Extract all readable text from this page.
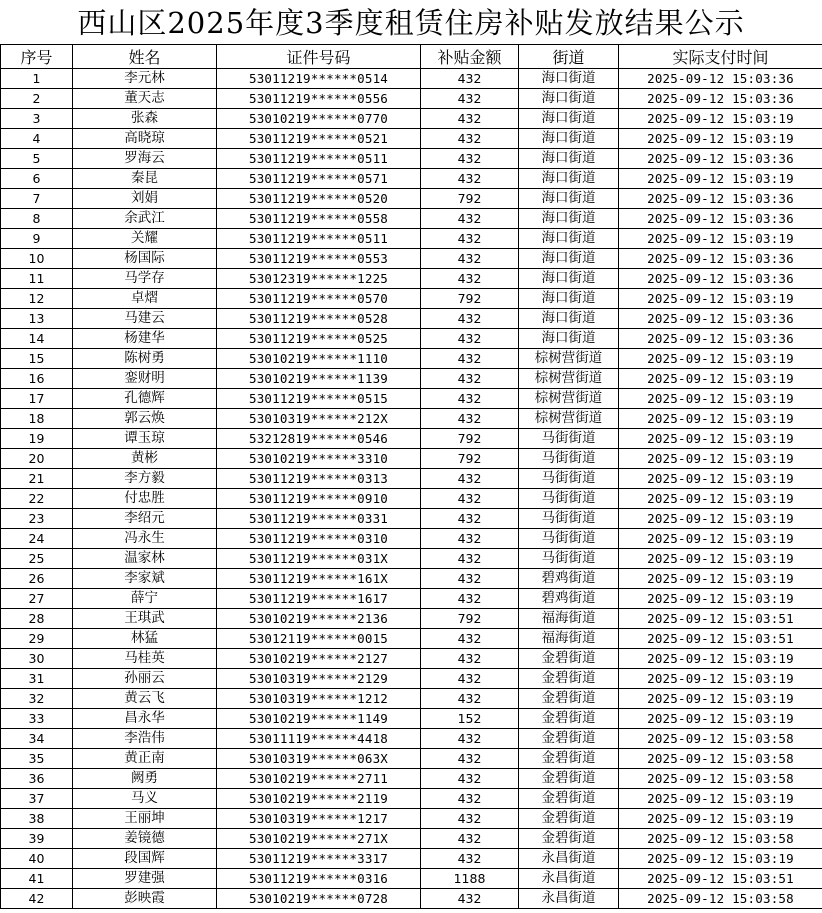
西山区2025年度3季度租赁住房补贴发放结果公示
序号	姓名	证件号码	补贴金额	街道	实际支付时间
1	李元林	53011219******0514	432	海口街道	2025-09-12 15:03:36
2	董天志	53011219******0556	432	海口街道	2025-09-12 15:03:36
3	张森	53010219******0770	432	海口街道	2025-09-12 15:03:19
4	高晓琼	53011219******0521	432	海口街道	2025-09-12 15:03:19
5	罗海云	53011219******0511	432	海口街道	2025-09-12 15:03:36
6	秦昆	53011219******0571	432	海口街道	2025-09-12 15:03:19
7	刘娟	53011219******0520	792	海口街道	2025-09-12 15:03:36
8	余武江	53011219******0558	432	海口街道	2025-09-12 15:03:36
9	关耀	53011219******0511	432	海口街道	2025-09-12 15:03:19
10	杨国际	53011219******0553	432	海口街道	2025-09-12 15:03:36
11	马学存	53012319******1225	432	海口街道	2025-09-12 15:03:36
12	卓熠	53011219******0570	792	海口街道	2025-09-12 15:03:19
13	马建云	53011219******0528	432	海口街道	2025-09-12 15:03:36
14	杨建华	53011219******0525	432	海口街道	2025-09-12 15:03:36
15	陈树勇	53010219******1110	432	棕树营街道	2025-09-12 15:03:19
16	銮财明	53010219******1139	432	棕树营街道	2025-09-12 15:03:19
17	孔德辉	53011219******0515	432	棕树营街道	2025-09-12 15:03:19
18	郭云焕	53010319******212X	432	棕树营街道	2025-09-12 15:03:19
19	谭玉琼	53212819******0546	792	马街街道	2025-09-12 15:03:19
20	黄彬	53010219******3310	792	马街街道	2025-09-12 15:03:19
21	李方毅	53011219******0313	432	马街街道	2025-09-12 15:03:19
22	付忠胜	53011219******0910	432	马街街道	2025-09-12 15:03:19
23	李绍元	53011219******0331	432	马街街道	2025-09-12 15:03:19
24	冯永生	53011219******0310	432	马街街道	2025-09-12 15:03:19
25	温家林	53011219******031X	432	马街街道	2025-09-12 15:03:19
26	李家斌	53011219******161X	432	碧鸡街道	2025-09-12 15:03:19
27	薛宁	53011219******1617	432	碧鸡街道	2025-09-12 15:03:19
28	王琪武	53010219******2136	792	福海街道	2025-09-12 15:03:51
29	林猛	53012119******0015	432	福海街道	2025-09-12 15:03:51
30	马桂英	53010219******2127	432	金碧街道	2025-09-12 15:03:19
31	孙丽云	53010319******2129	432	金碧街道	2025-09-12 15:03:19
32	黄云飞	53010319******1212	432	金碧街道	2025-09-12 15:03:19
33	昌永华	53010219******1149	152	金碧街道	2025-09-12 15:03:19
34	李浩伟	53011119******4418	432	金碧街道	2025-09-12 15:03:58
35	黄正南	53010319******063X	432	金碧街道	2025-09-12 15:03:58
36	阙勇	53010219******2711	432	金碧街道	2025-09-12 15:03:58
37	马义	53010219******2119	432	金碧街道	2025-09-12 15:03:19
38	王丽坤	53010319******1217	432	金碧街道	2025-09-12 15:03:19
39	姜镜德	53010219******271X	432	金碧街道	2025-09-12 15:03:58
40	段国辉	53011219******3317	432	永昌街道	2025-09-12 15:03:19
41	罗建强	53011219******0316	1188	永昌街道	2025-09-12 15:03:51
42	彭映霞	53010219******0728	432	永昌街道	2025-09-12 15:03:58
